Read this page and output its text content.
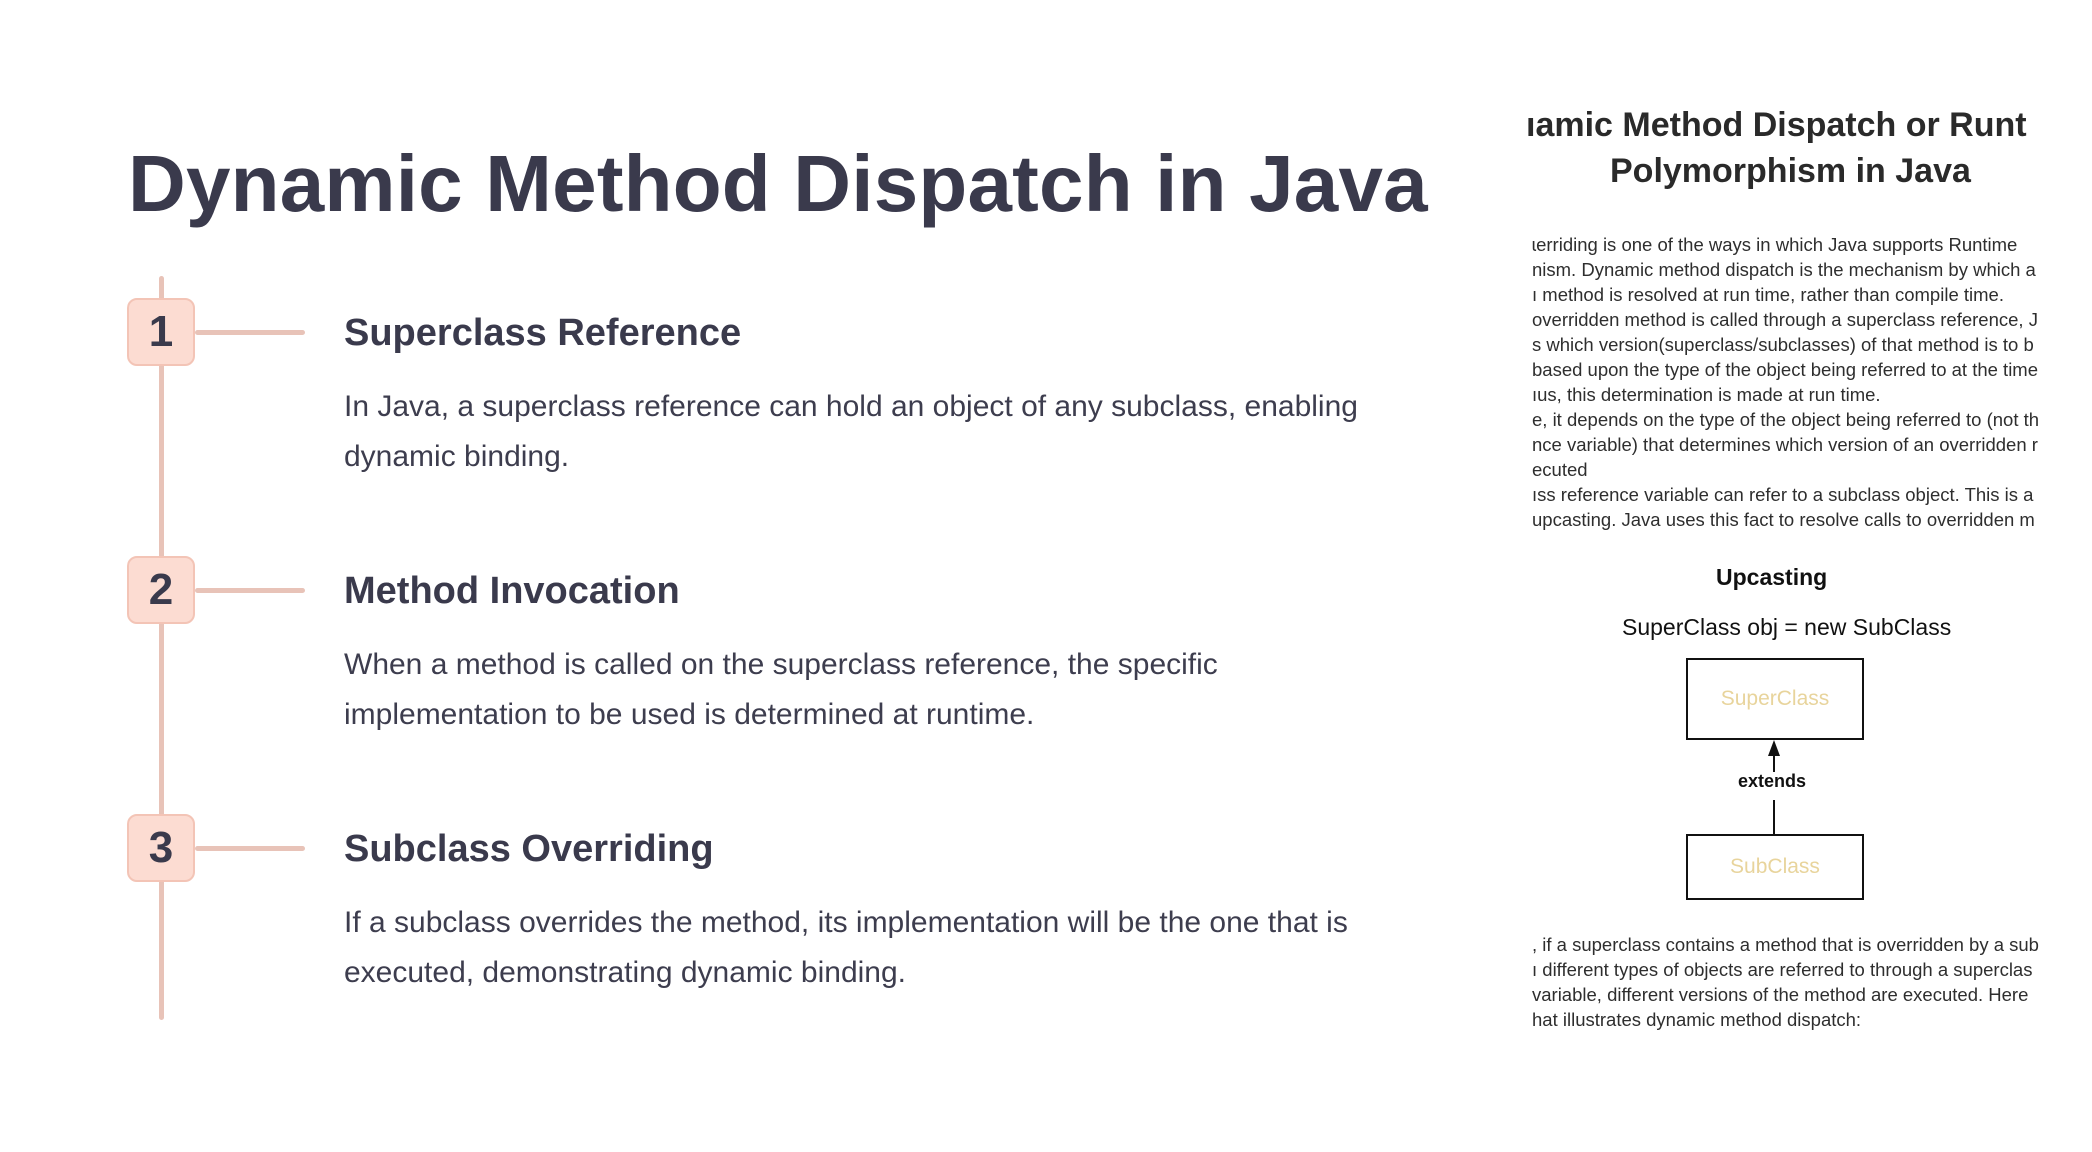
Dynamic Method Dispatch in Java
1	Superclass Reference

In Java, a superclass reference can hold an object of any subclass, enabling dynamic binding.

2	Method Invocation

When a method is called on the superclass reference, the specific implementation to be used is determined at runtime.

3	Subclass Overriding

If a subclass overrides the method, its implementation will be the one that is executed, demonstrating dynamic binding.

ıamic Method Dispatch or Runt
Polymorphism in Java

ɩerriding is one of the ways in which Java supports Runtime
nism. Dynamic method dispatch is the mechanism by which a
ı method is resolved at run time, rather than compile time.
overridden method is called through a superclass reference, J
s which version(superclass/subclasses) of that method is to b
based upon the type of the object being referred to at the time
ıus, this determination is made at run time.
e, it depends on the type of the object being referred to (not th
nce variable) that determines which version of an overridden r
ecuted
ıss reference variable can refer to a subclass object. This is a
upcasting. Java uses this fact to resolve calls to overridden m

Upcasting
SuperClass obj = new SubClass
SuperClass
extends
SubClass

, if a superclass contains a method that is overridden by a sub
ı different types of objects are referred to through a superclas
variable, different versions of the method are executed. Here
hat illustrates dynamic method dispatch:
